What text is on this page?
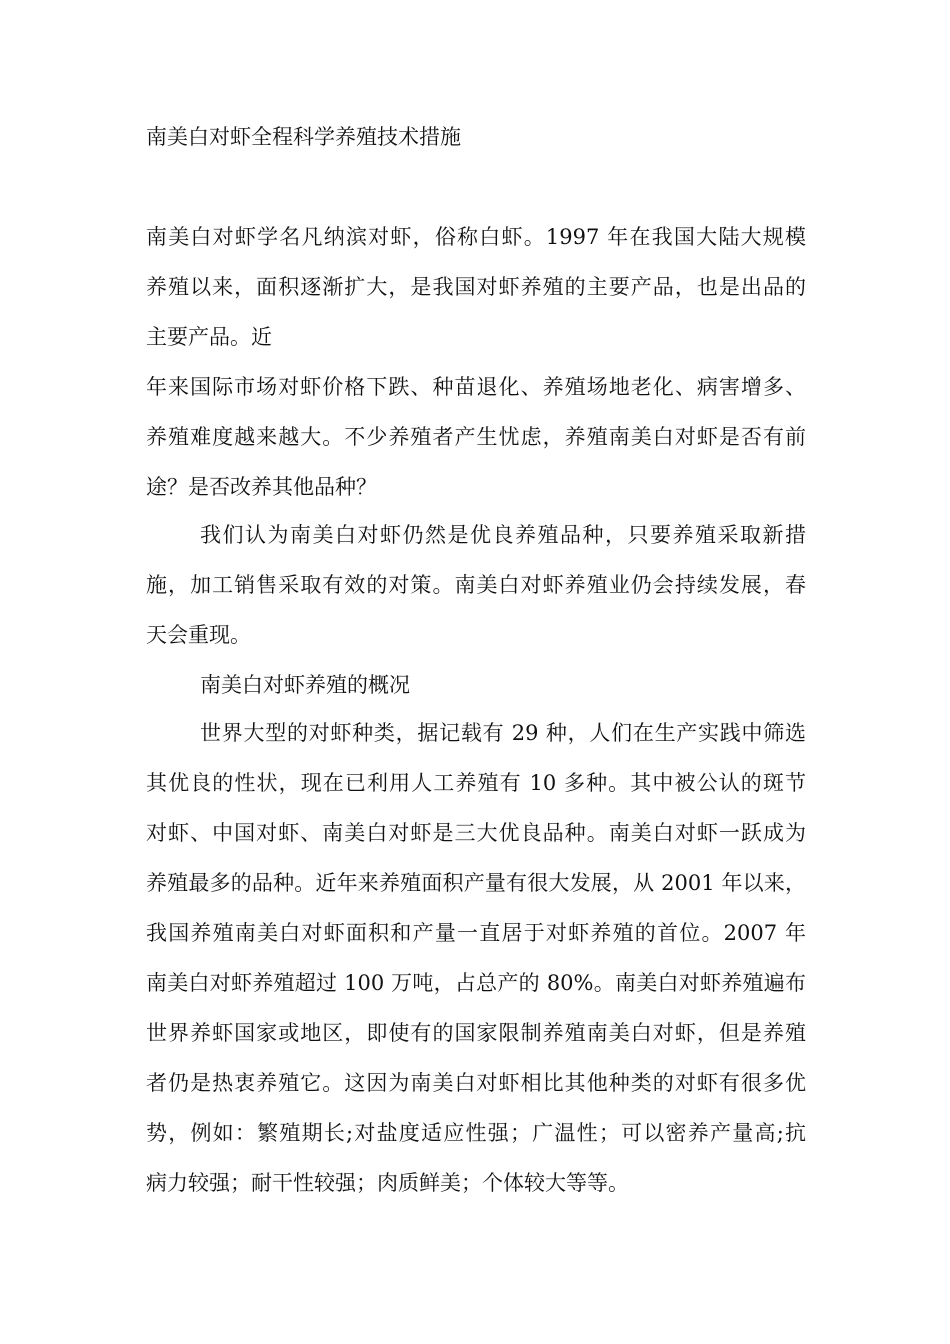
南美白对虾全程科学养殖技术措施
南美白对虾学名凡纳滨对虾，俗称白虾。1997 年在我国大陆大规模
养殖以来，面积逐渐扩大，是我国对虾养殖的主要产品，也是出品的
主要产品。近
年来国际市场对虾价格下跌、种苗退化、养殖场地老化、病害增多、
养殖难度越来越大。不少养殖者产生忧虑，养殖南美白对虾是否有前
途？是否改养其他品种？
我们认为南美白对虾仍然是优良养殖品种，只要养殖采取新措
施，加工销售采取有效的对策。南美白对虾养殖业仍会持续发展，春
天会重现。
南美白对虾养殖的概况
世界大型的对虾种类，据记载有 29 种，人们在生产实践中筛选
其优良的性状，现在已利用人工养殖有 10 多种。其中被公认的斑节
对虾、中国对虾、南美白对虾是三大优良品种。南美白对虾一跃成为
养殖最多的品种。近年来养殖面积产量有很大发展，从 2001 年以来，
我国养殖南美白对虾面积和产量一直居于对虾养殖的首位。2007 年
南美白对虾养殖超过 100 万吨，占总产的 80%。南美白对虾养殖遍布
世界养虾国家或地区，即使有的国家限制养殖南美白对虾，但是养殖
者仍是热衷养殖它。这因为南美白对虾相比其他种类的对虾有很多优
势，例如：繁殖期长;对盐度适应性强；广温性；可以密养产量高;抗
病力较强；耐干性较强；肉质鲜美；个体较大等等。
